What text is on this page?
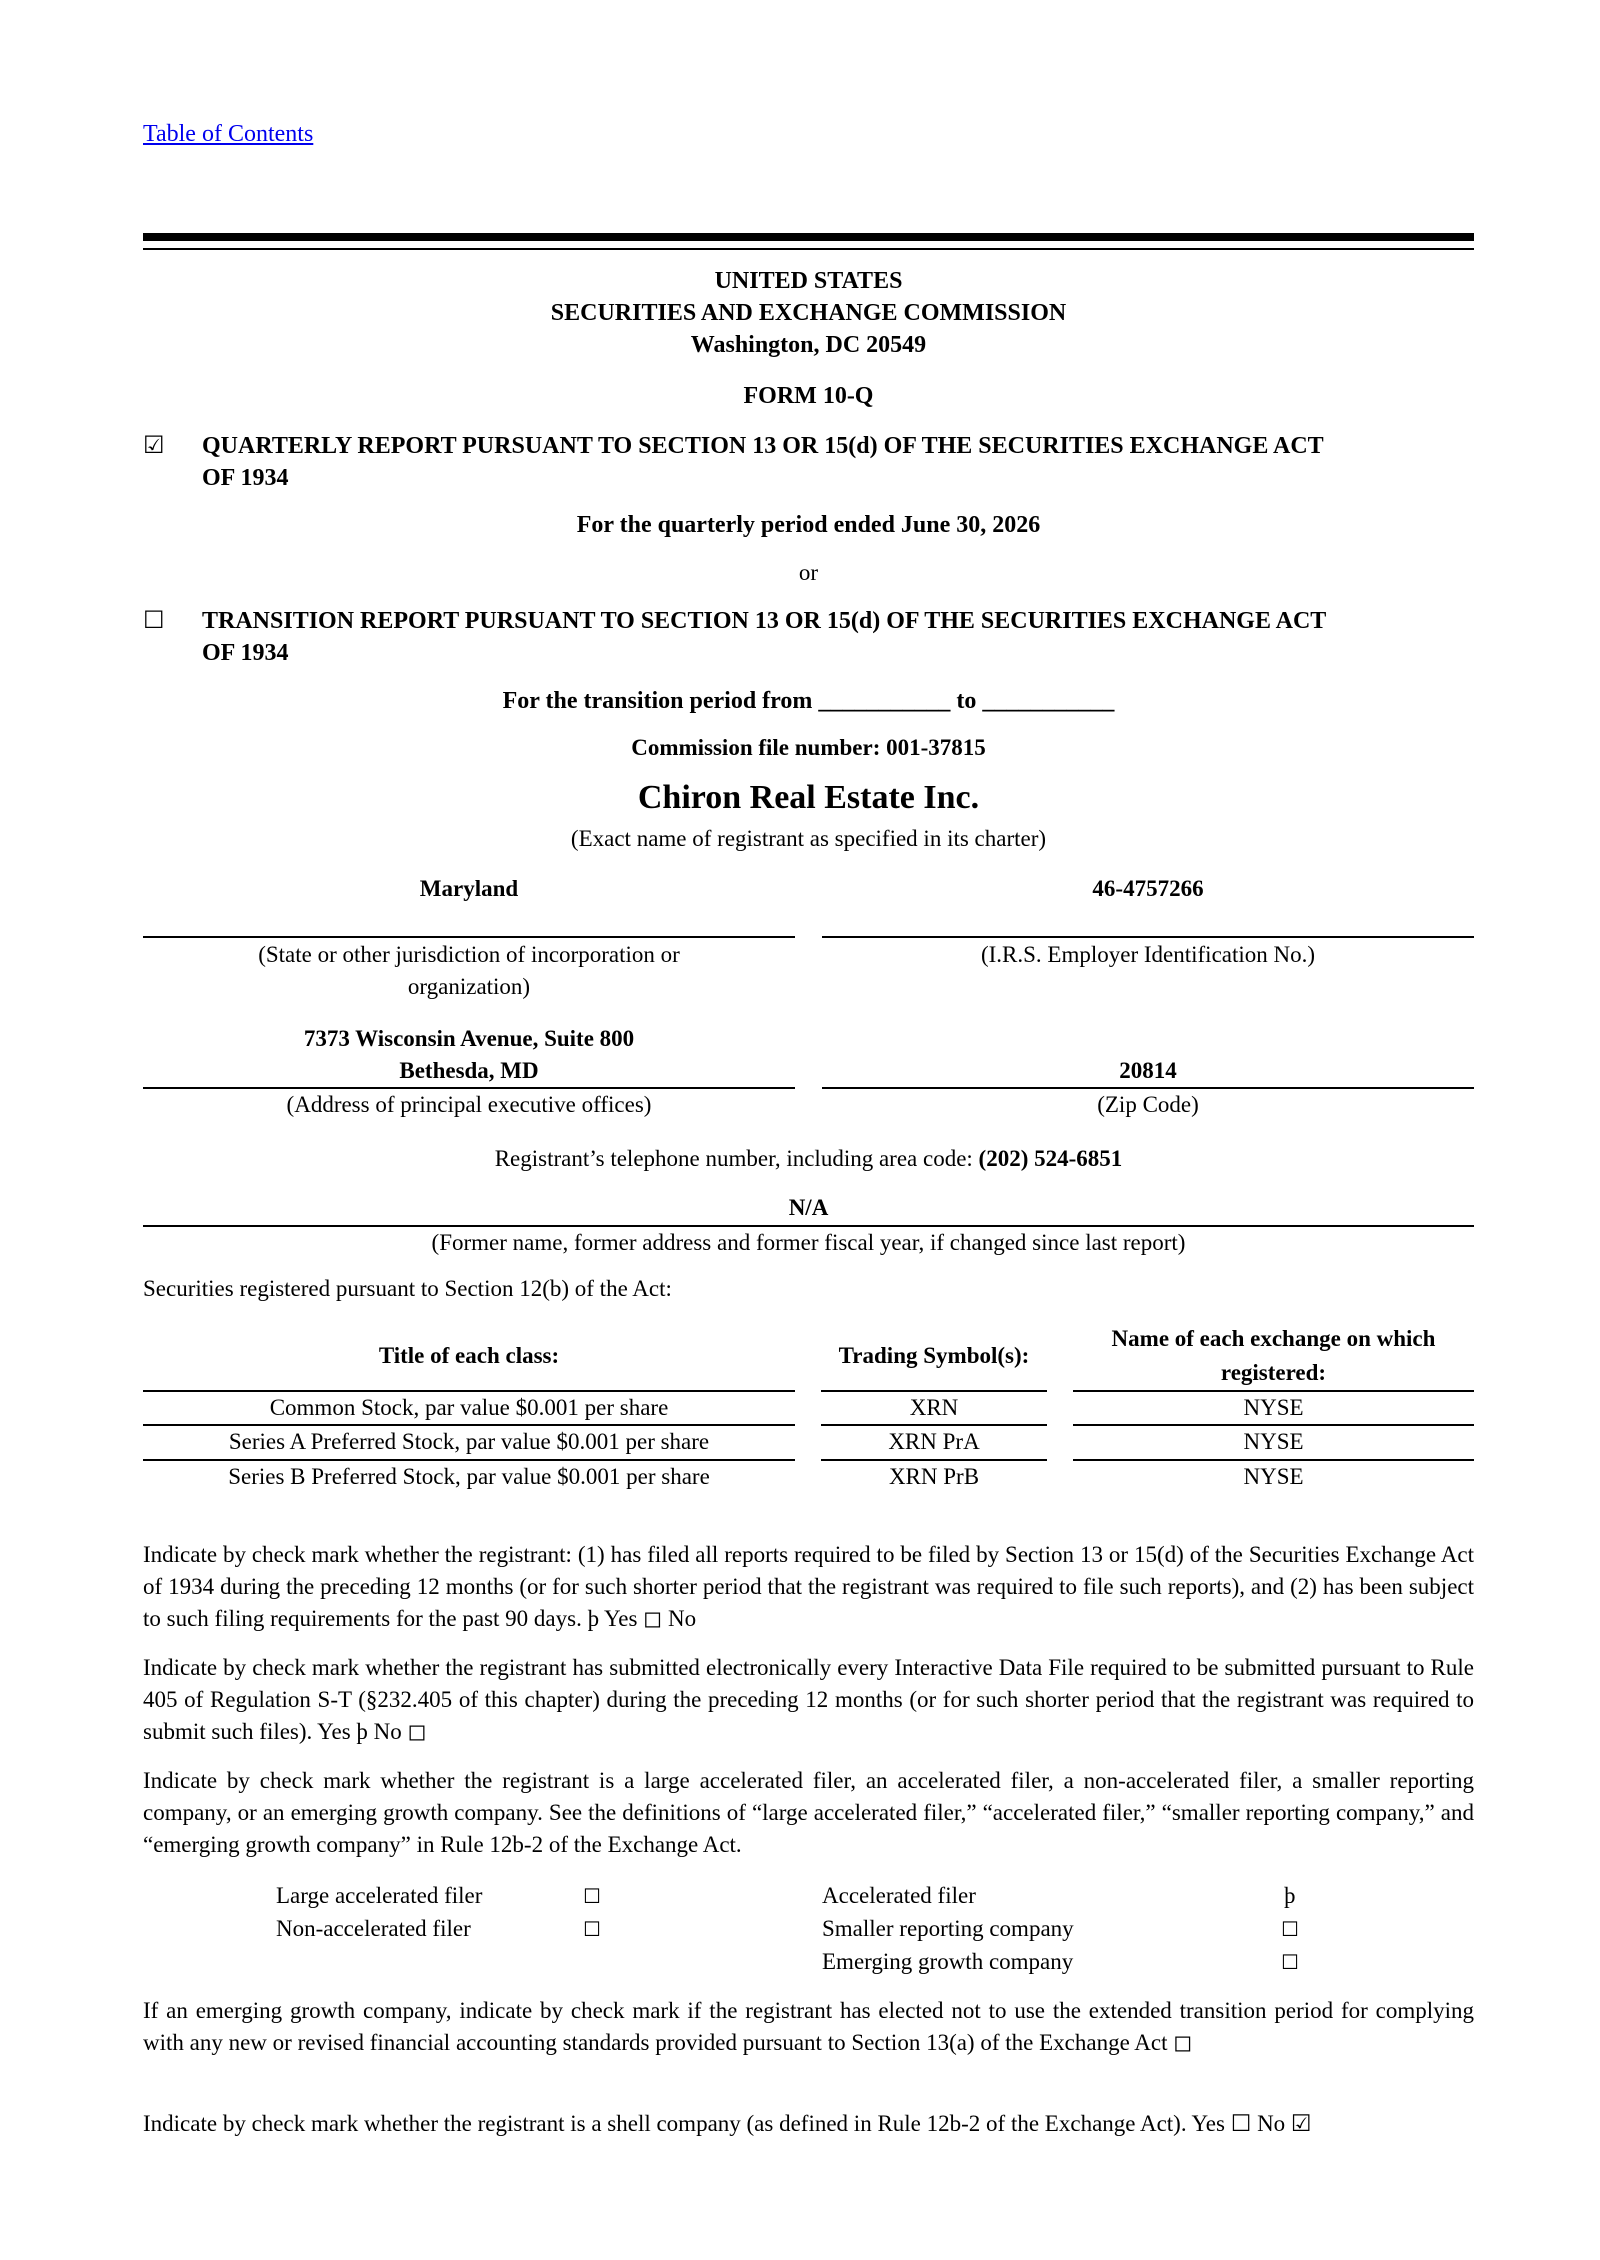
Table of Contents
UNITED STATES
SECURITIES AND EXCHANGE COMMISSION
Washington, DC 20549
FORM 10-Q
☑ QUARTERLY REPORT PURSUANT TO SECTION 13 OR 15(d) OF THE SECURITIES EXCHANGE ACT
OF 1934
For the quarterly period ended June 30, 2026
or
☐ TRANSITION REPORT PURSUANT TO SECTION 13 OR 15(d) OF THE SECURITIES EXCHANGE ACT
OF 1934
For the transition period from ___________ to ___________
Commission file number: 001-37815
Chiron Real Estate Inc.
(Exact name of registrant as specified in its charter)
Maryland	46-4757266
(State or other jurisdiction of incorporation or
organization)
(I.R.S. Employer Identification No.)
7373 Wisconsin Avenue, Suite 800
Bethesda, MD	20814
(Address of principal executive offices)	(Zip Code)
Registrant’s telephone number, including area code: (202) 524-6851
N/A
(Former name, former address and former fiscal year, if changed since last report)
Securities registered pursuant to Section 12(b) of the Act:
Title of each class:		Trading Symbol(s):		Name of each exchange on which registered:
Common Stock, par value $0.001 per share		XRN		NYSE
Series A Preferred Stock, par value $0.001 per share		XRN PrA		NYSE
Series B Preferred Stock, par value $0.001 per share		XRN PrB		NYSE
Indicate by check mark whether the registrant: (1) has filed all reports required to be filed by Section 13 or 15(d) of the Securities Exchange Act of 1934 during the preceding 12 months (or for such shorter period that the registrant was required to file such reports), and (2) has been subject to such filing requirements for the past 90 days. þ Yes ◻ No
Indicate by check mark whether the registrant has submitted electronically every Interactive Data File required to be submitted pursuant to Rule 405 of Regulation S-T (§232.405 of this chapter) during the preceding 12 months (or for such shorter period that the registrant was required to submit such files). Yes þ No ◻
Indicate by check mark whether the registrant is a large accelerated filer, an accelerated filer, a non-accelerated filer, a smaller reporting company, or an emerging growth company. See the definitions of “large accelerated filer,” “accelerated filer,” “smaller reporting company,” and “emerging growth company” in Rule 12b-2 of the Exchange Act.
Large accelerated filer	☐
Non-accelerated filer	☐
Accelerated filer	þ
Smaller reporting company	☐
Emerging growth company	☐
If an emerging growth company, indicate by check mark if the registrant has elected not to use the extended transition period for complying with any new or revised financial accounting standards provided pursuant to Section 13(a) of the Exchange Act ◻
Indicate by check mark whether the registrant is a shell company (as defined in Rule 12b-2 of the Exchange Act). Yes ☐ No ☑
